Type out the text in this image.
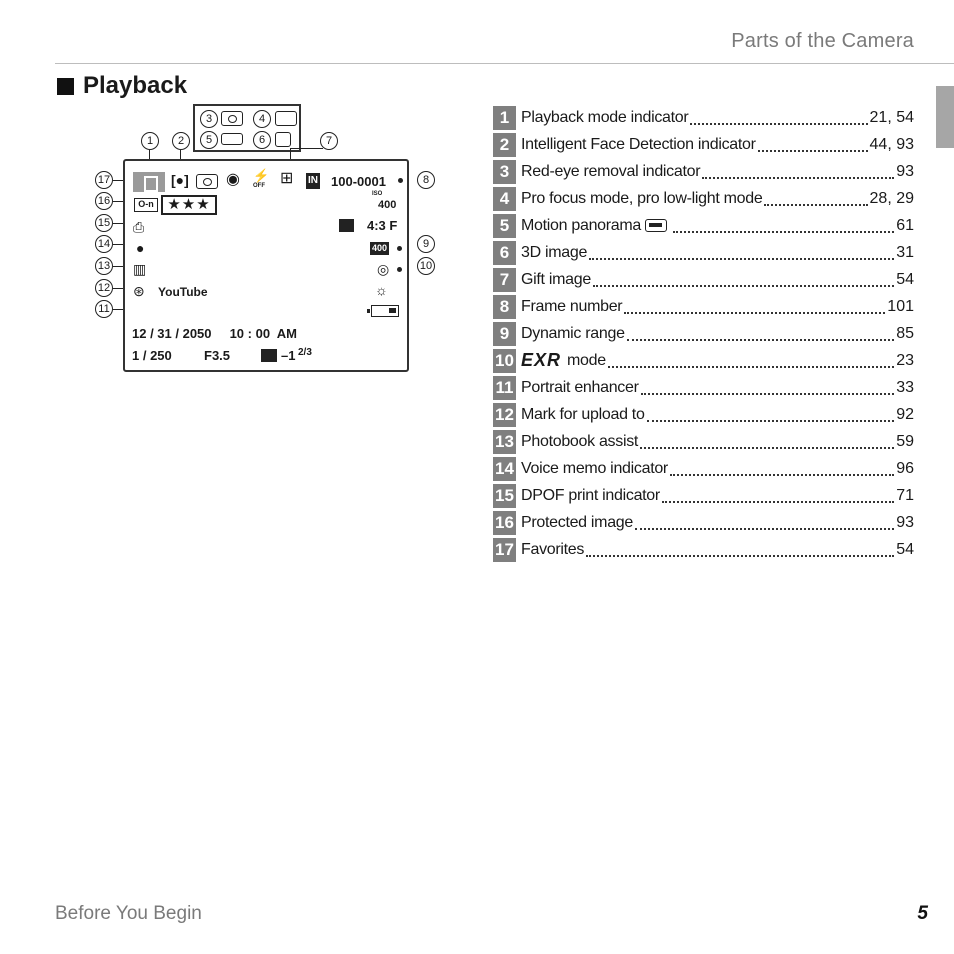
Parts of the Camera
Playback
3	4
5	6
1	2	7
17
16
15
14
13
12
11
8
9
10
[●] ◉ ⚡
OFF ⊞ IN 100-0001
★★★
O‑n
ISO
400
⎙	4:3 F
●	400
▥	◎
⊛ YouTube	☼
12 / 31 / 2050     10 : 00  AM
1 / 250 F3.5	–1 2/3
1 Playback mode indicator	21, 54
2 Intelligent Face Detection indicator	44, 93
3 Red-eye removal indicator	93
4 Pro focus mode, pro low-light mode	28, 29
5 Motion panorama	61
6 3D image	31
7 Gift image	54
8 Frame number	101
9 Dynamic range	85
10 EXR mode	23
11 Portrait enhancer	33
12 Mark for upload to	92
13 Photobook assist	59
14 Voice memo indicator	96
15 DPOF print indicator	71
16 Protected image	93
17 Favorites	54
Before You Begin	5
